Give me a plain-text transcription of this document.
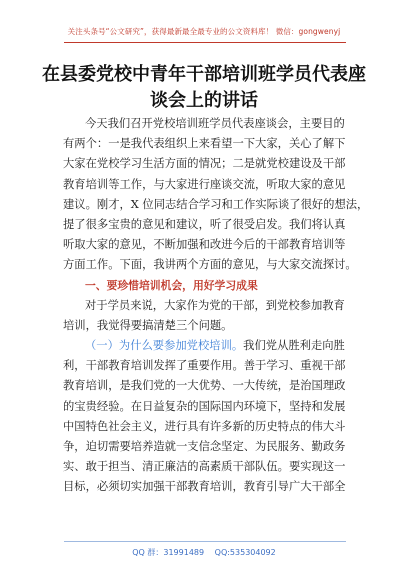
关注头条号“公文研究”，获得最新最全最专业的公文资料库！ 微信：gongwenyj
在县委党校中青年干部培训班学员代表座
谈会上的讲话
今天我们召开党校培训班学员代表座谈会，主要目的
有两个：一是我代表组织上来看望一下大家，关心了解下
大家在党校学习生活方面的情况；二是就党校建设及干部
教育培训等工作，与大家进行座谈交流，听取大家的意见
建议。刚才，X 位同志结合学习和工作实际谈了很好的想法，
提了很多宝贵的意见和建议，听了很受启发。我们将认真
听取大家的意见，不断加强和改进今后的干部教育培训等
方面工作。下面，我讲两个方面的意见，与大家交流探讨。
一、要珍惜培训机会，用好学习成果
对于学员来说，大家作为党的干部，到党校参加教育
培训，我觉得要搞清楚三个问题。
（一）为什么要参加党校培训。我们党从胜利走向胜
利，干部教育培训发挥了重要作用。善于学习、重视干部
教育培训，是我们党的一大优势、一大传统，是治国理政
的宝贵经验。在日益复杂的国际国内环境下，坚持和发展
中国特色社会主义，进行具有许多新的历史特点的伟大斗
争，迫切需要培养造就一支信念坚定、为民服务、勤政务
实、敢于担当、清正廉洁的高素质干部队伍。要实现这一
目标，必须切实加强干部教育培训，教育引导广大干部全
QQ 群：31991489 QQ:535304092
